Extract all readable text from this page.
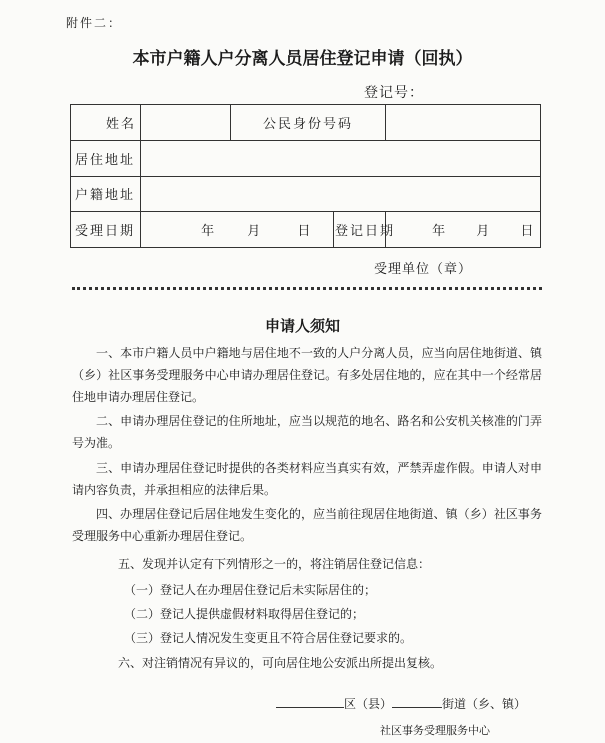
附件二：
本市户籍人户分离人员居住登记申请（回执）
登记号：
姓名		公民身份号码		
居住地址				
户籍地址				
受理日期	年 月 日		登记日期	年 月 日
受理单位（章）
申请人须知
一、本市户籍人员中户籍地与居住地不一致的人户分离人员，应当向居住地街道、镇（乡）社区事务受理服务中心申请办理居住登记。有多处居住地的，应在其中一个经常居住地申请办理居住登记。
二、申请办理居住登记的住所地址，应当以规范的地名、路名和公安机关核准的门弄号为准。
三、申请办理居住登记时提供的各类材料应当真实有效，严禁弄虚作假。申请人对申请内容负责，并承担相应的法律后果。
四、办理居住登记后居住地发生变化的，应当前往现居住地街道、镇（乡）社区事务受理服务中心重新办理居住登记。
五、发现并认定有下列情形之一的，将注销居住登记信息：
（一）登记人在办理居住登记后未实际居住的；
（二）登记人提供虚假材料取得居住登记的；
（三）登记人情况发生变更且不符合居住登记要求的。
六、对注销情况有异议的，可向居住地公安派出所提出复核。
区（县）	街道（乡、镇）
社区事务受理服务中心
